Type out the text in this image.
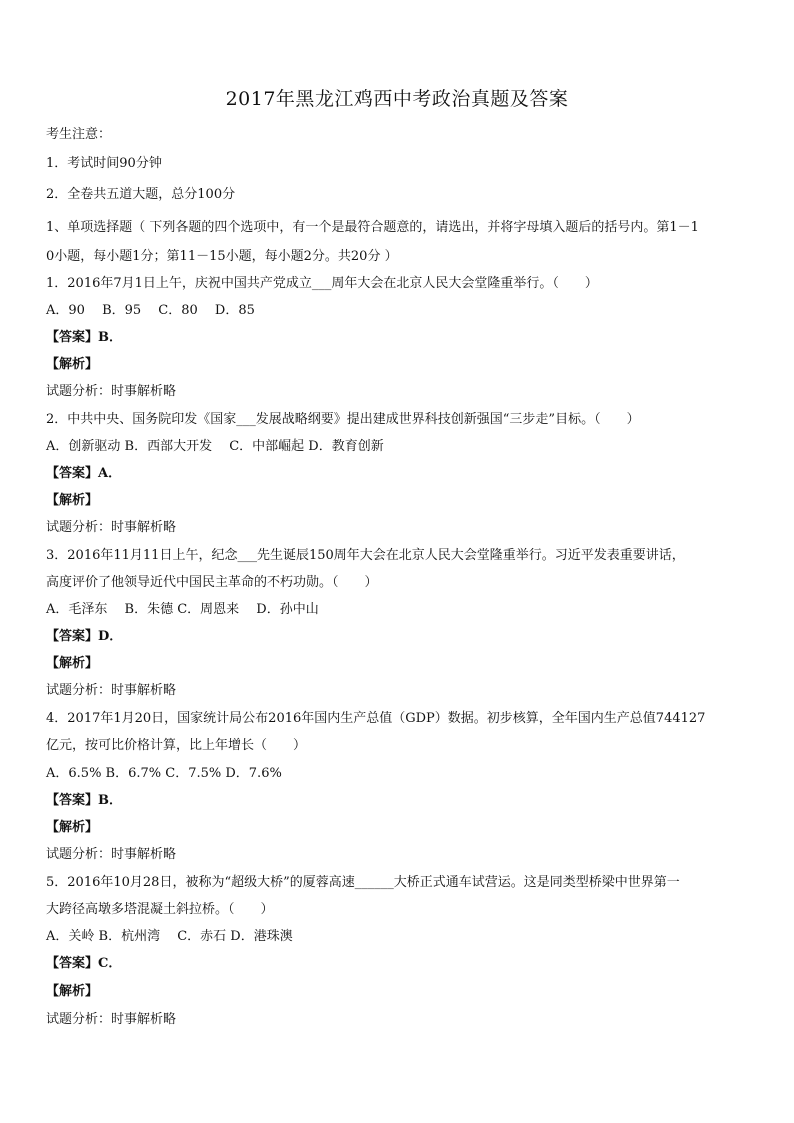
2017年黑龙江鸡西中考政治真题及答案
考生注意：
1．考试时间90分钟
2．全卷共五道大题，总分100分
1、单项选择题（ 下列各题的四个选项中，有一个是最符合题意的，请选出，并将字母填入题后的括号内。第1－1
0小题，每小题1分；第11－15小题，每小题2分。共20分 ）
1．2016年7月1日上午，庆祝中国共产党成立___周年大会在北京人民大会堂隆重举行。（　　）
A．90　 B．95　 C．80　 D．85
【答案】B．
【解析】
试题分析：时事解析略
2．中共中央、国务院印发《国家___发展战略纲要》提出建成世界科技创新强国“三步走”目标。（　　）
A．创新驱动 B．西部大开发　 C．中部崛起 D．教育创新
【答案】A．
【解析】
试题分析：时事解析略
3．2016年11月11日上午，纪念___先生诞辰150周年大会在北京人民大会堂隆重举行。习近平发表重要讲话，
高度评价了他领导近代中国民主革命的不朽功勋。（　　）
A．毛泽东　 B．朱德 C．周恩来　 D．孙中山
【答案】D．
【解析】
试题分析：时事解析略
4．2017年1月20日，国家统计局公布2016年国内生产总值（GDP）数据。初步核算，全年国内生产总值744127
亿元，按可比价格计算，比上年增长（　　）
A．6.5% B．6.7% C．7.5% D．7.6%
【答案】B．
【解析】
试题分析：时事解析略
5．2016年10月28日，被称为“超级大桥”的厦蓉高速______大桥正式通车试营运。这是同类型桥梁中世界第一
大跨径高墩多塔混凝土斜拉桥。（　　）
A．关岭 B．杭州湾　 C．赤石 D．港珠澳
【答案】C．
【解析】
试题分析：时事解析略
